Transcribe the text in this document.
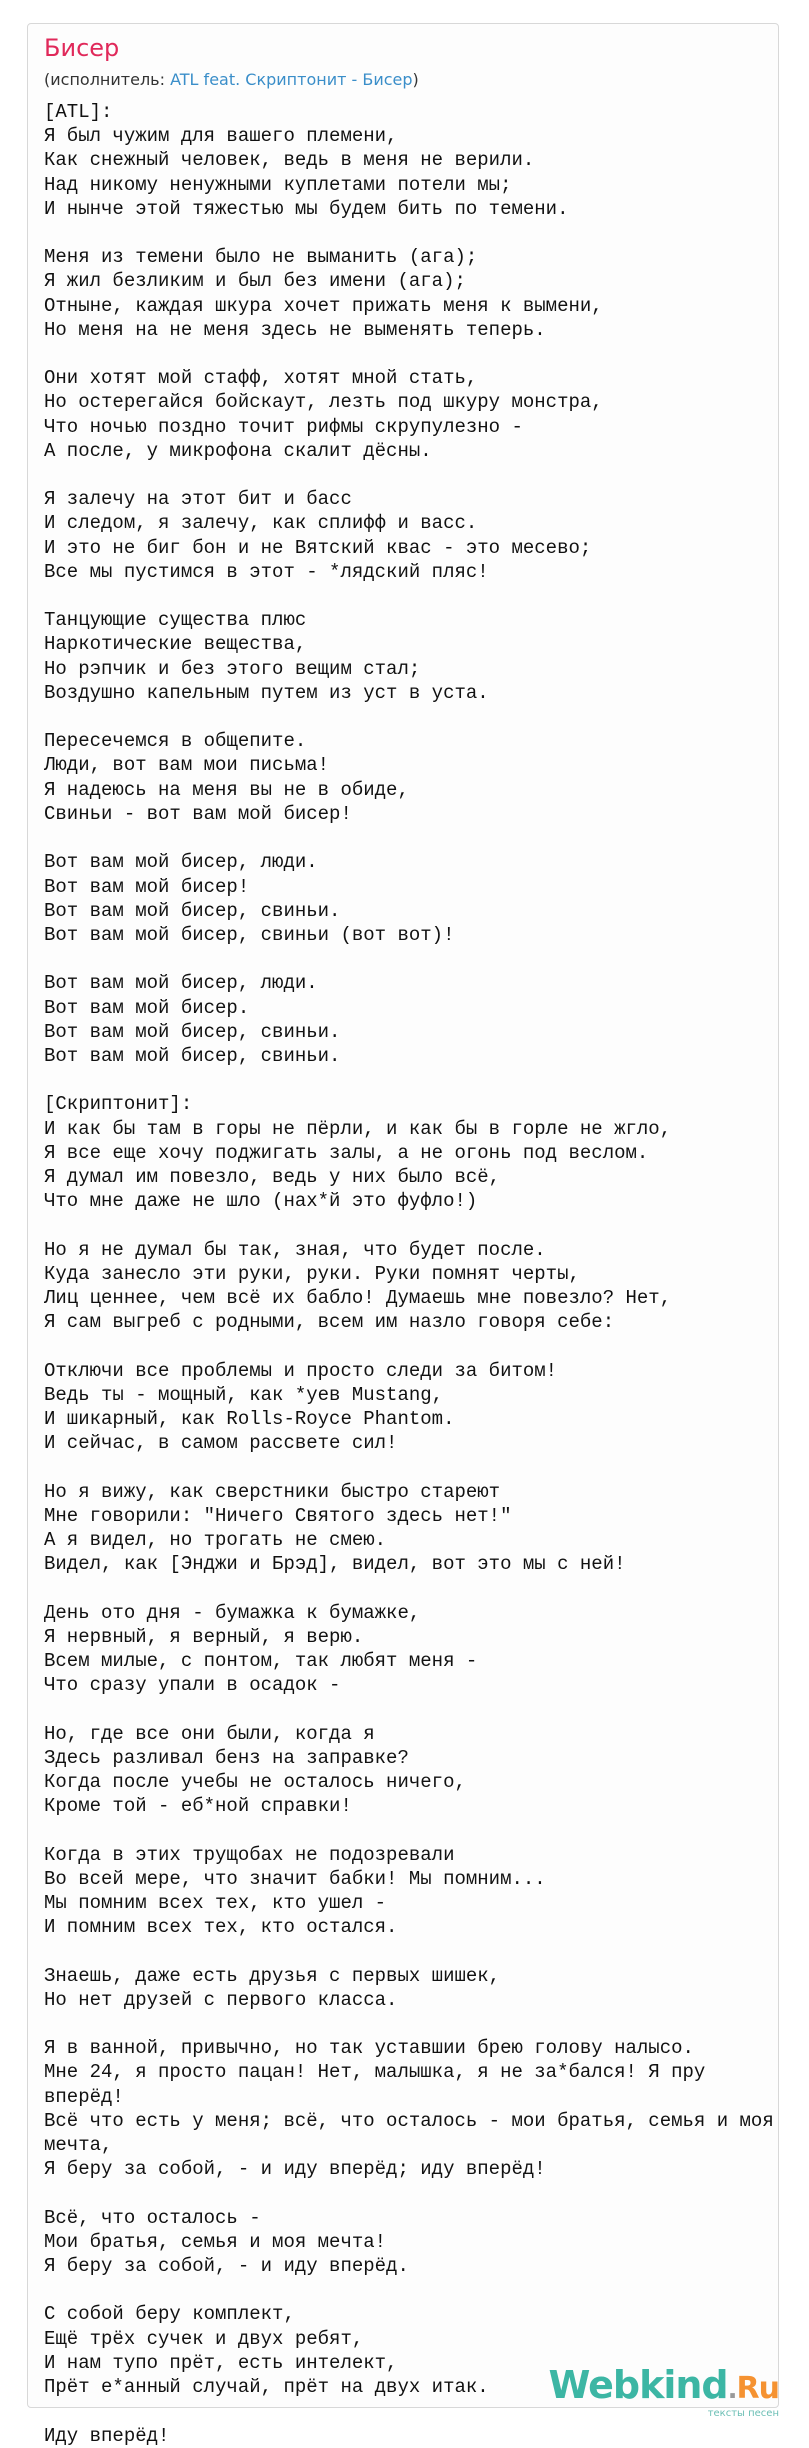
Бисер
(исполнитель: ATL feat. Скриптонит - Бисер)
[ATL]:
Я был чужим для вашего племени,
Как снежный человек, ведь в меня не верили.
Над никому ненужными куплетами потели мы;
И нынче этой тяжестью мы будем бить по темени.

Меня из темени было не выманить (ага);
Я жил безликим и был без имени (ага);
Отныне, каждая шкура хочет прижать меня к вымени,
Но меня на не меня здесь не выменять теперь.

Они хотят мой стафф, хотят мной стать,
Но остерегайся бойскаут, лезть под шкуру монстра,
Что ночью поздно точит рифмы скрупулезно -
А после, у микрофона скалит дёсны.

Я залечу на этот бит и басс
И следом, я залечу, как сплифф и васс.
И это не биг бон и не Вятский квас - это месево;
Все мы пустимся в этот - *лядский пляс!

Танцующие существа плюс
Наркотические вещества,
Но рэпчик и без этого вещим стал;
Воздушно капельным путем из уст в уста.

Пересечемся в общепите.
Люди, вот вам мои письма!
Я надеюсь на меня вы не в обиде,
Свиньи - вот вам мой бисер!

Вот вам мой бисер, люди.
Вот вам мой бисер!
Вот вам мой бисер, свиньи.
Вот вам мой бисер, свиньи (вот вот)!

Вот вам мой бисер, люди.
Вот вам мой бисер.
Вот вам мой бисер, свиньи.
Вот вам мой бисер, свиньи.

[Скриптонит]:
И как бы там в горы не пёрли, и как бы в горле не жгло,
Я все еще хочу поджигать залы, а не огонь под веслом.
Я думал им повезло, ведь у них было всё,
Что мне даже не шло (нах*й это фуфло!)

Но я не думал бы так, зная, что будет после.
Куда занесло эти руки, руки. Руки помнят черты,
Лиц ценнее, чем всё их бабло! Думаешь мне повезло? Нет,
Я сам выгреб с родными, всем им назло говоря себе:

Отключи все проблемы и просто следи за битом!
Ведь ты - мощный, как *уев Mustang,
И шикарный, как Rolls-Royce Phantom.
И сейчас, в самом рассвете сил!

Но я вижу, как сверстники быстро стареют
Мне говорили: "Ничего Святого здесь нет!"
А я видел, но трогать не смею.
Видел, как [Энджи и Брэд], видел, вот это мы с ней!

День ото дня - бумажка к бумажке,
Я нервный, я верный, я верю.
Всем милые, с понтом, так любят меня -
Что сразу упали в осадок -

Но, где все они были, когда я
Здесь разливал бенз на заправке?
Когда после учебы не осталось ничего,
Кроме той - еб*ной справки!

Когда в этих трущобах не подозревали
Во всей мере, что значит бабки! Мы помним...
Мы помним всех тех, кто ушел -
И помним всех тех, кто остался.

Знаешь, даже есть друзья с первых шишек,
Но нет друзей с первого класса.

Я в ванной, привычно, но так уставшии брею голову налысо.
Мне 24, я просто пацан! Нет, малышка, я не за*бался! Я пру вперёд!
Всё что есть у меня; всё, что осталось - мои братья, семья и моя мечта,
Я беру за собой, - и иду вперёд; иду вперёд!

Всё, что осталось -
Мои братья, семья и моя мечта!
Я беру за собой, - и иду вперёд.

С собой беру комплект,
Ещё трёх сучек и двух ребят,
И нам тупо прёт, есть интелект,
Прёт е*анный случай, прёт на двух итак.

Иду вперёд!
Webkind.Ru
тексты песен
